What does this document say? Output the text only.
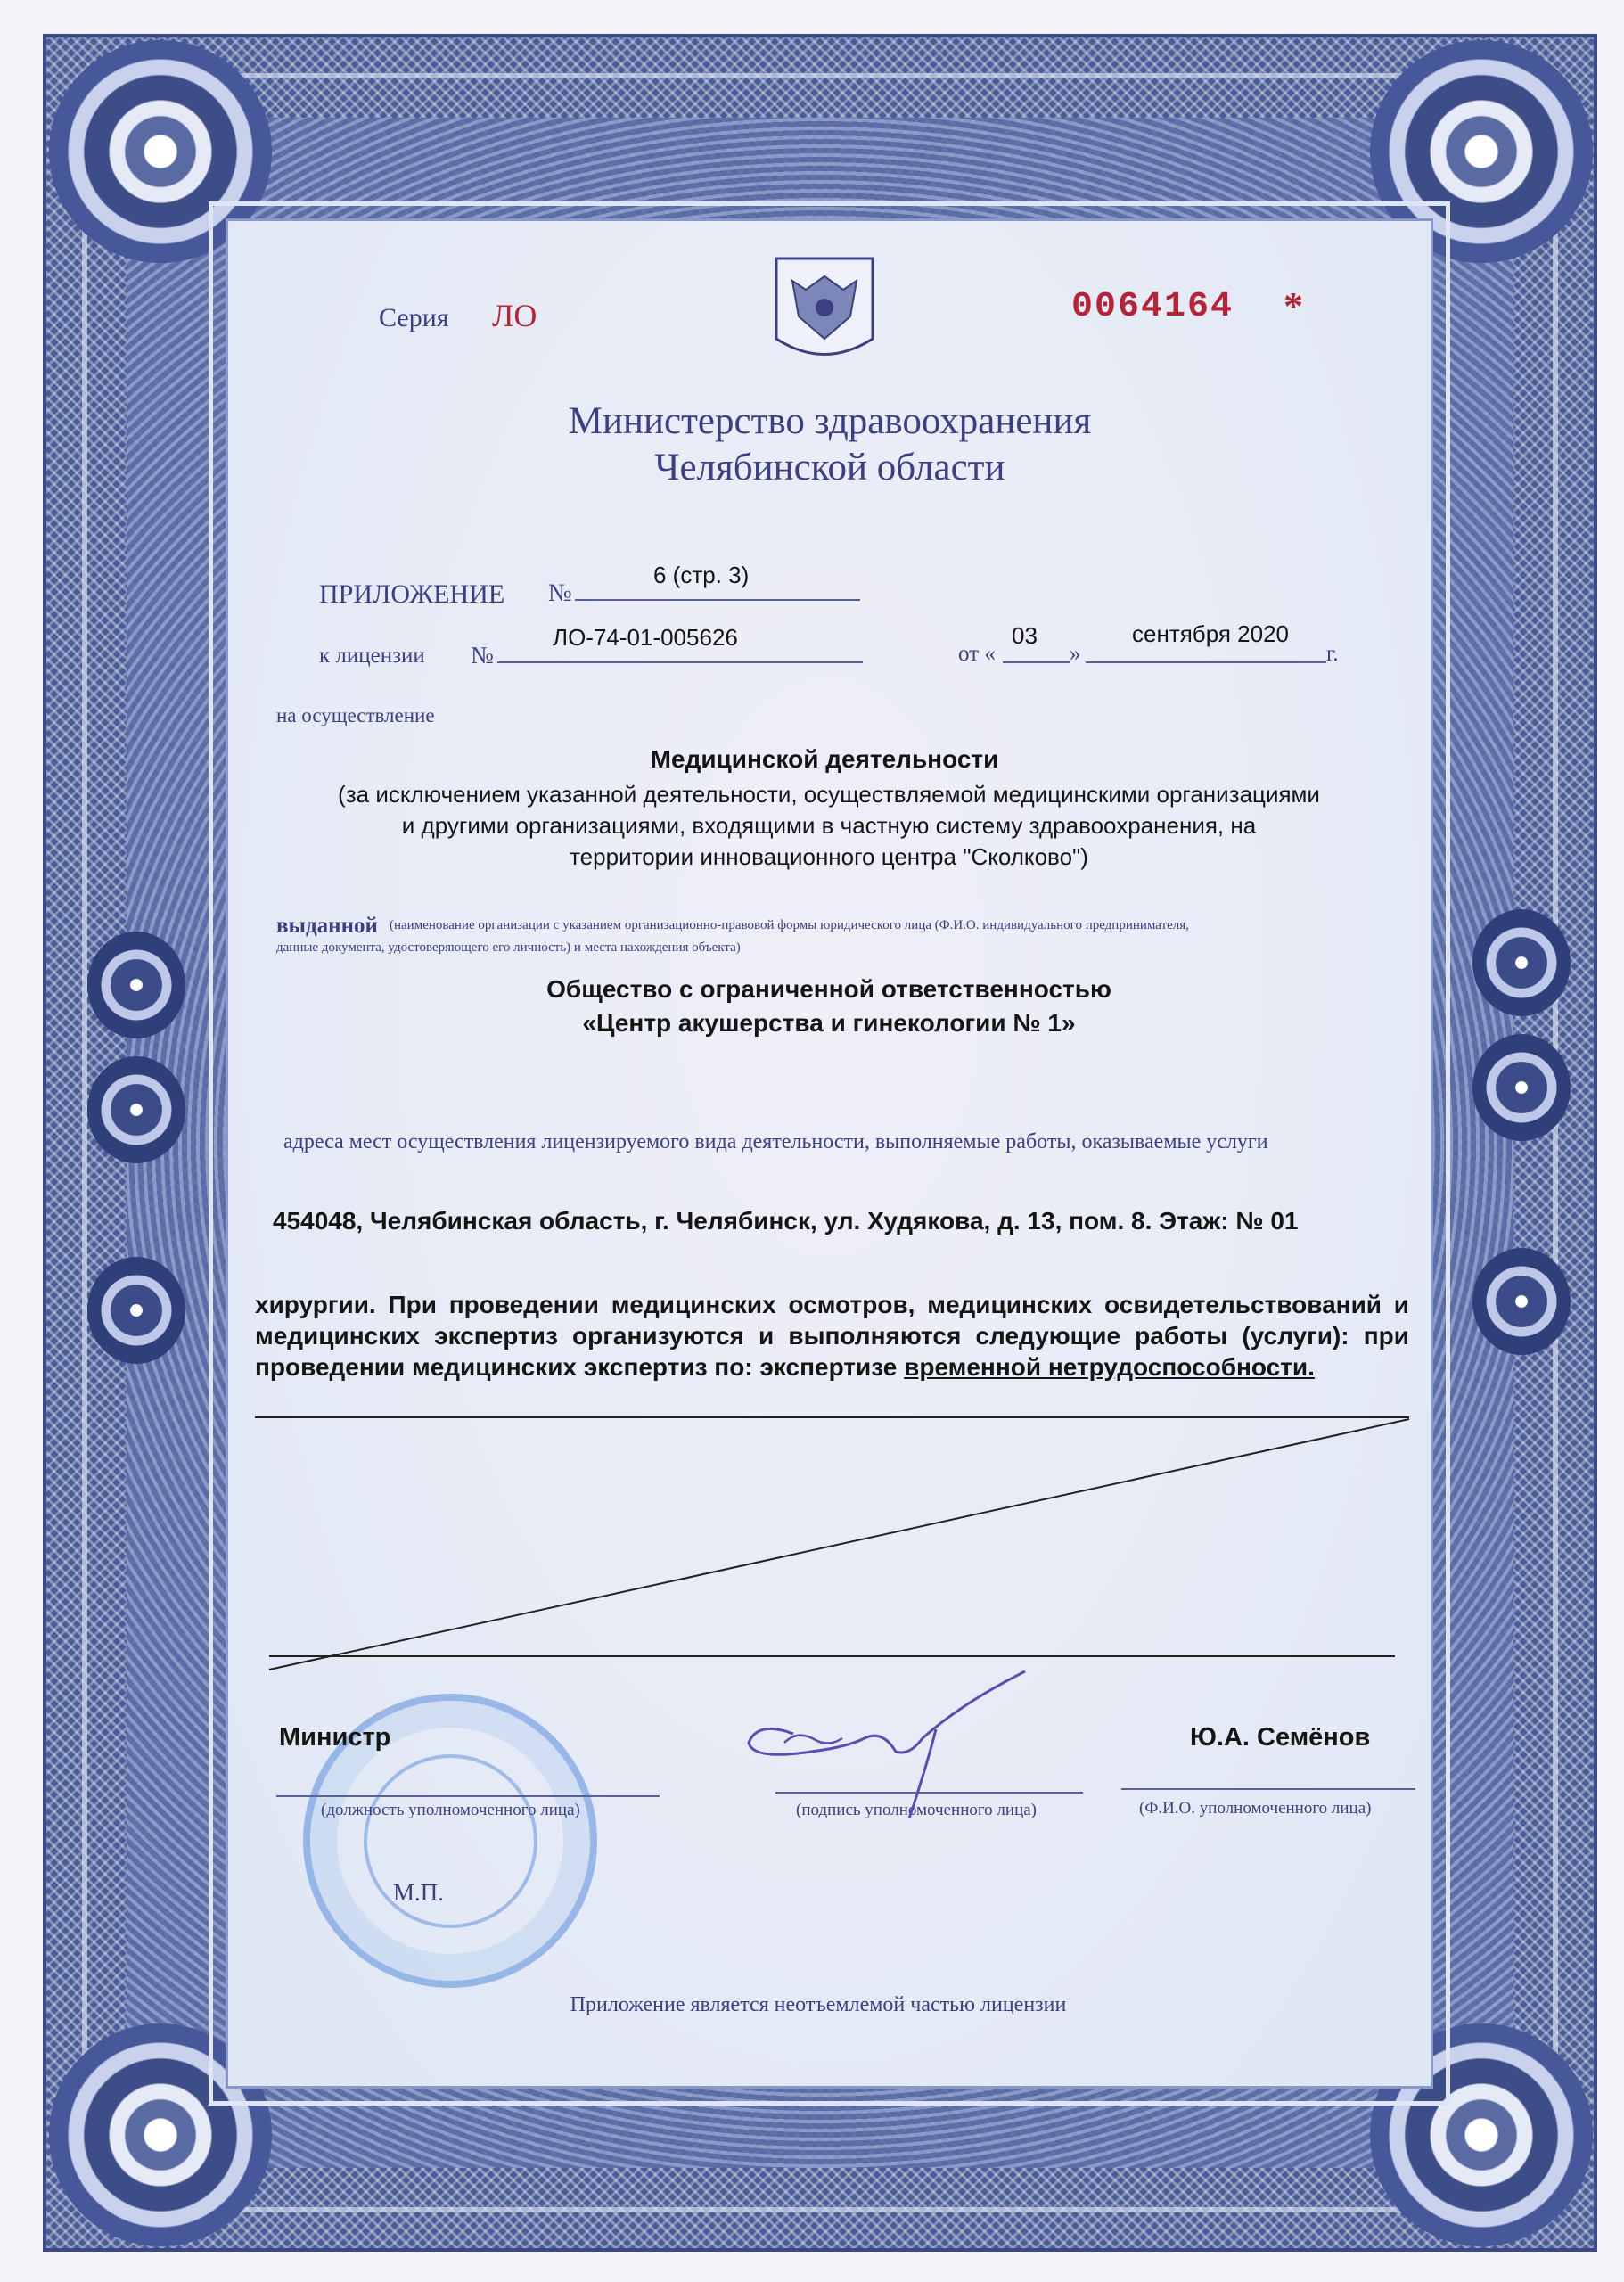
Серия ЛО	0064164 *
Министерство здравоохранения
Челябинской области
ПРИЛОЖЕНИЕ №
6 (стр. 3)
к лицензии №
ЛО-74-01-005626
от «
03
»
сентября 2020
г.
на осуществление
Медицинской деятельности
(за исключением указанной деятельности, осуществляемой медицинскими организациями
и другими организациями, входящими в частную систему здравоохранения, на
территории инновационного центра "Сколково")
выданной (наименование организации с указанием организационно-правовой формы юридического лица (Ф.И.О. индивидуального предпринимателя,
данные документа, удостоверяющего его личность) и места нахождения объекта)
Общество с ограниченной ответственностью
«Центр акушерства и гинекологии № 1»
адреса мест осуществления лицензируемого вида деятельности, выполняемые работы, оказываемые услуги
454048, Челябинская область, г. Челябинск, ул. Худякова, д. 13, пом. 8. Этаж: № 01
хирургии. При проведении медицинских осмотров, медицинских освидетельствований и медицинских экспертиз организуются и выполняются следующие работы (услуги): при проведении медицинских экспертиз по: экспертизе временной нетрудоспособности.
Министр	Ю.А. Семёнов
(должность уполномоченного лица)	(подпись уполномоченного лица)	(Ф.И.О. уполномоченного лица)
М.П.
Приложение является неотъемлемой частью лицензии
